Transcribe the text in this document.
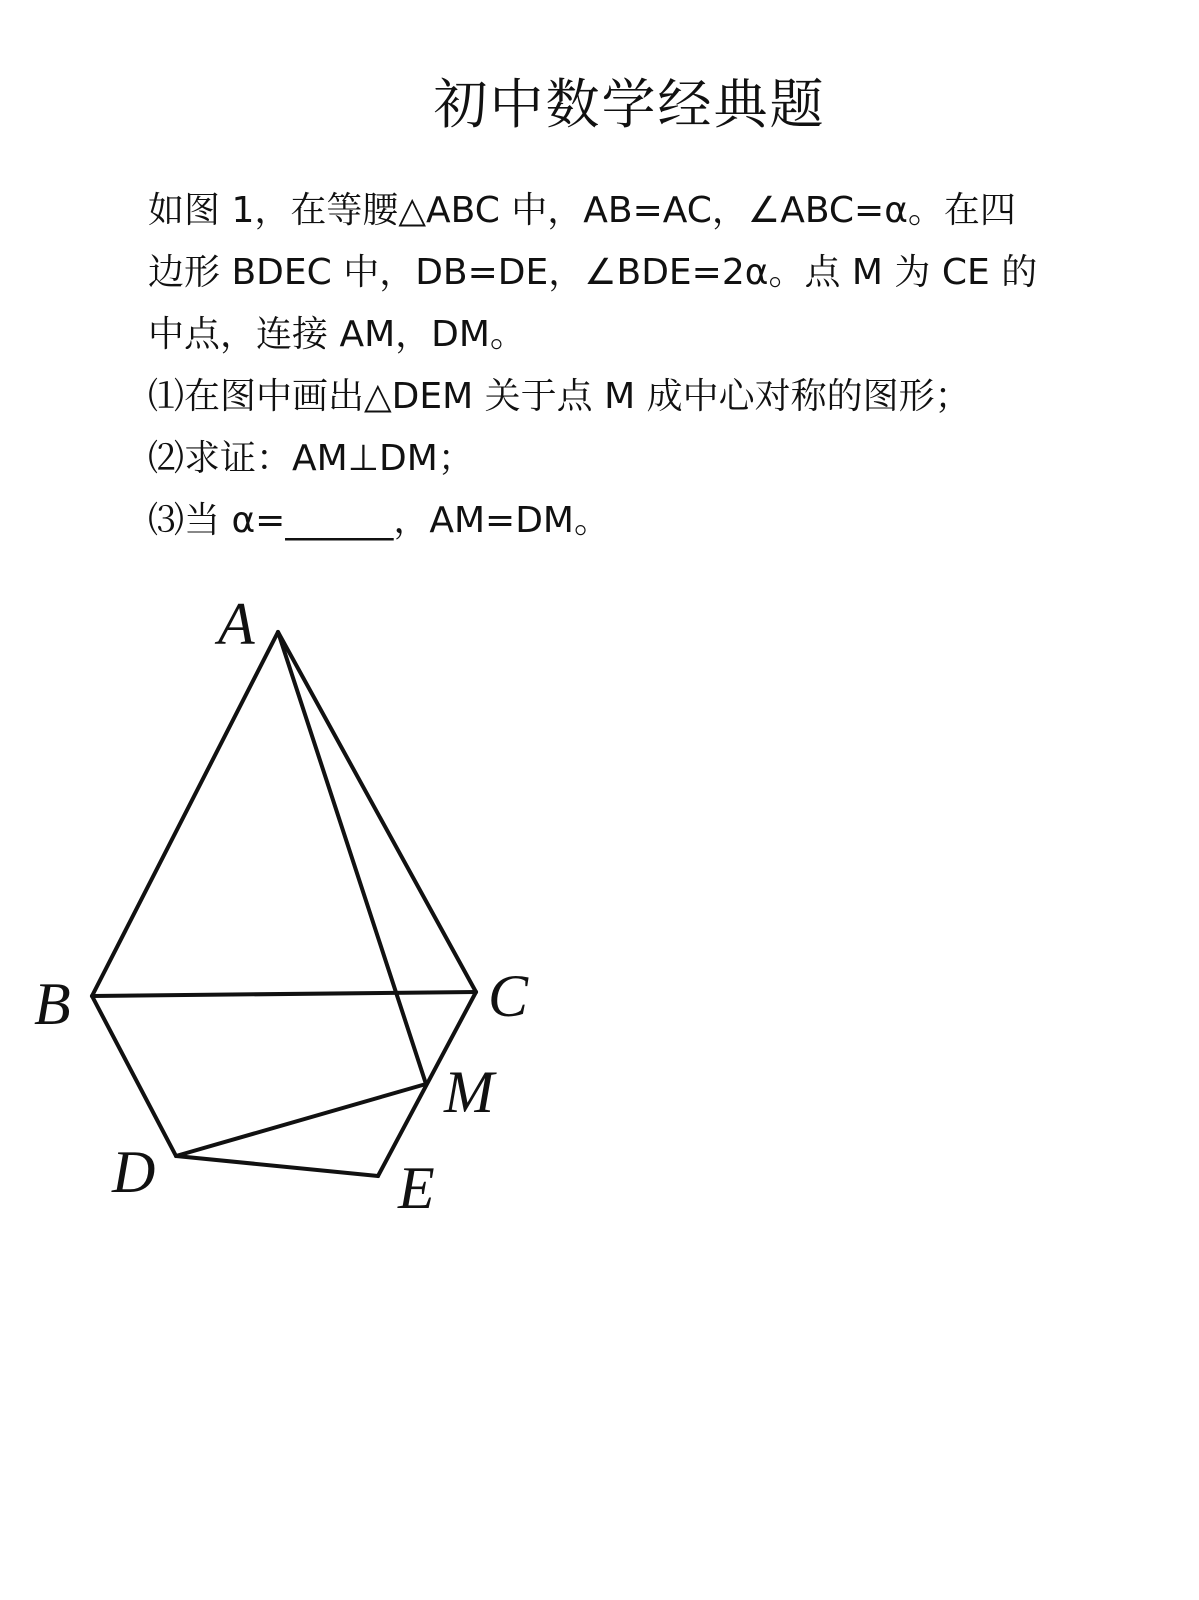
初中数学经典题

如图 1，在等腰△ABC 中，AB=AC，∠ABC=α。在四

边形 BDEC 中，DB=DE，∠BDE=2α。点 M 为 CE 的

中点，连接 AM，DM。

⑴在图中画出△DEM 关于点 M 成中心对称的图形；

⑵求证：AM⊥DM；

⑶当 α=______，AM=DM。

A
B	C
M
D	E
